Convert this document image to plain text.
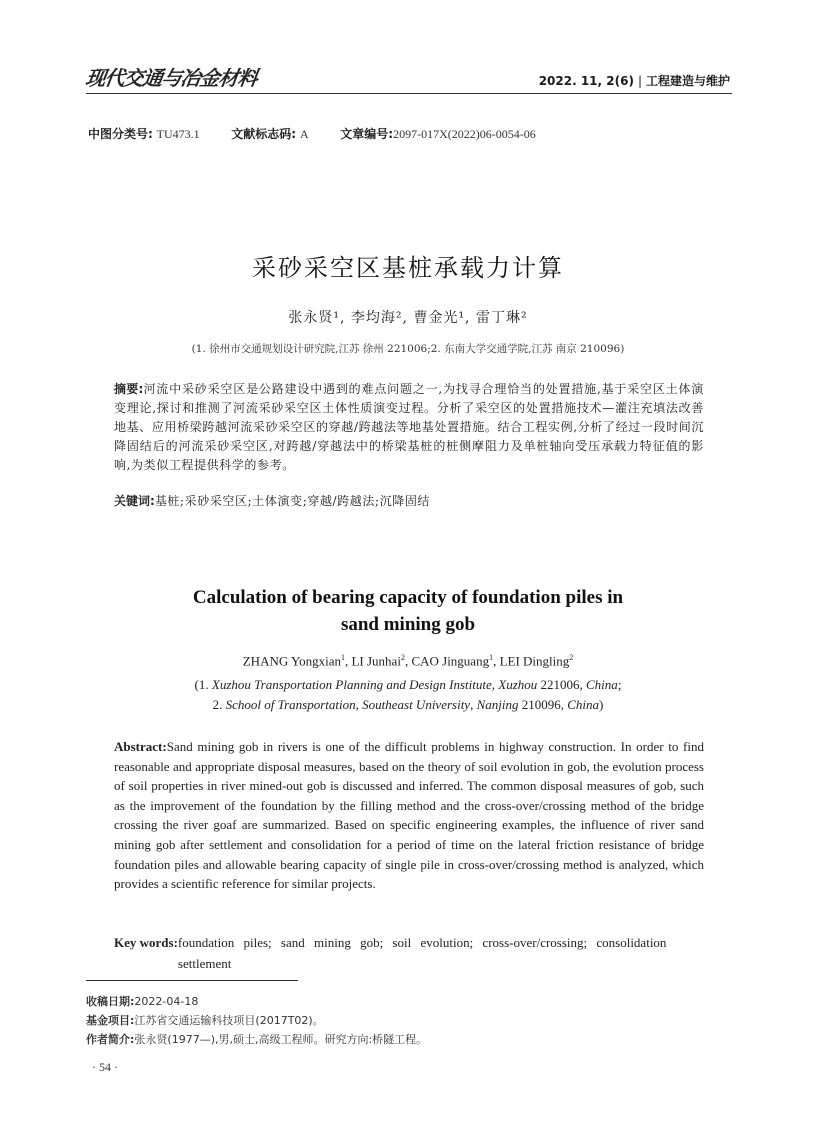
现代交通与冶金材料	2022. 11, 2(6) | 工程建造与维护
中图分类号: TU473.1	文献标志码: A	文章编号:2097-017X(2022)06-0054-06
采砂采空区基桩承载力计算
张永贤¹, 李均海², 曹金光¹, 雷丁琳²
(1. 徐州市交通规划设计研究院,江苏 徐州 221006;2. 东南大学交通学院,江苏 南京 210096)
摘要:河流中采砂采空区是公路建设中遇到的难点问题之一,为找寻合理恰当的处置措施,基于采空区土体演变理论,探讨和推测了河流采砂采空区土体性质演变过程。分析了采空区的处置措施技术—灌注充填法改善地基、应用桥梁跨越河流采砂采空区的穿越/跨越法等地基处置措施。结合工程实例,分析了经过一段时间沉降固结后的河流采砂采空区,对跨越/穿越法中的桥梁基桩的桩侧摩阻力及单桩轴向受压承载力特征值的影响,为类似工程提供科学的参考。
关键词:基桩;采砂采空区;土体演变;穿越/跨越法;沉降固结
Calculation of bearing capacity of foundation piles in
sand mining gob
ZHANG Yongxian$^1$, LI Junhai$^2$, CAO Jinguang$^1$, LEI Dingling$^2$
(1. Xuzhou Transportation Planning and Design Institute, Xuzhou 221006, China;
2. School of Transportation, Southeast University, Nanjing 210096, China)
Abstract:Sand mining gob in rivers is one of the difficult problems in highway construction. In order to find reasonable and appropriate disposal measures, based on the theory of soil evolution in gob, the evolution process of soil properties in river mined-out gob is discussed and inferred. The common disposal measures of gob, such as the improvement of the foundation by the filling method and the cross-over/crossing method of the bridge crossing the river goaf are summarized. Based on specific engineering examples, the influence of river sand mining gob after settlement and consolidation for a period of time on the lateral friction resistance of bridge foundation piles and allowable bearing capacity of single pile in cross-over/crossing method is analyzed, which provides a scientific reference for similar projects.
Key words: foundation piles; sand mining gob; soil evolution; cross-over/crossing; consolidation settlement
收稿日期:2022-04-18
基金项目:江苏省交通运输科技项目(2017T02)。
作者简介:张永贤(1977—),男,硕士,高级工程师。研究方向:桥隧工程。
· 54 ·
